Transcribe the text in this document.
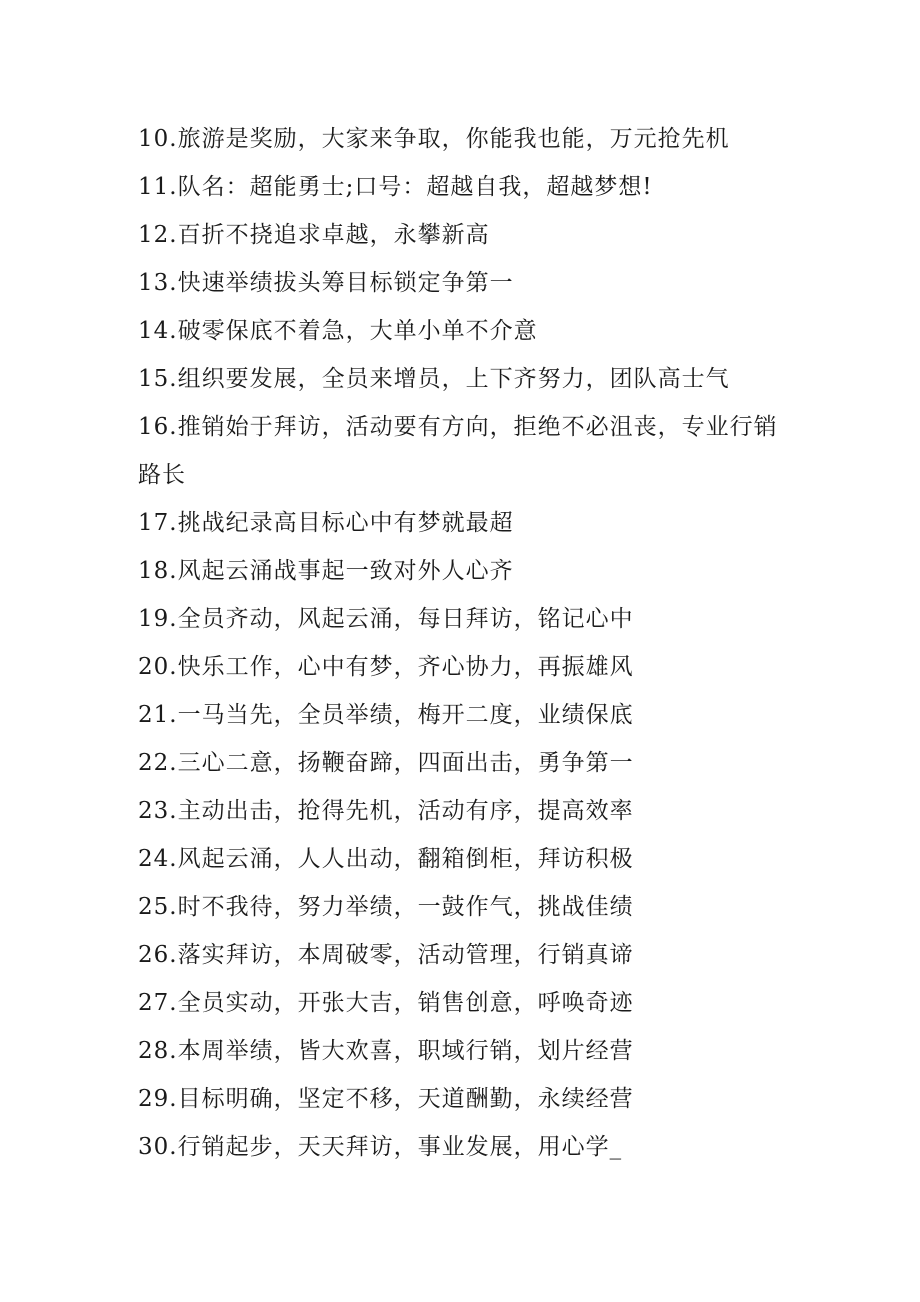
10.旅游是奖励，大家来争取，你能我也能，万元抢先机
11.队名：超能勇士;口号：超越自我，超越梦想!
12.百折不挠追求卓越，永攀新高
13.快速举绩拔头筹目标锁定争第一
14.破零保底不着急，大单小单不介意
15.组织要发展，全员来增员，上下齐努力，团队高士气
16.推销始于拜访，活动要有方向，拒绝不必沮丧，专业行销路长
17.挑战纪录高目标心中有梦就最超
18.风起云涌战事起一致对外人心齐
19.全员齐动，风起云涌，每日拜访，铭记心中
20.快乐工作，心中有梦，齐心协力，再振雄风
21.一马当先，全员举绩，梅开二度，业绩保底
22.三心二意，扬鞭奋蹄，四面出击，勇争第一
23.主动出击，抢得先机，活动有序，提高效率
24.风起云涌，人人出动，翻箱倒柜，拜访积极
25.时不我待，努力举绩，一鼓作气，挑战佳绩
26.落实拜访，本周破零，活动管理，行销真谛
27.全员实动，开张大吉，销售创意，呼唤奇迹
28.本周举绩，皆大欢喜，职域行销，划片经营
29.目标明确，坚定不移，天道酬勤，永续经营
30.行销起步，天天拜访，事业发展，用心学_
